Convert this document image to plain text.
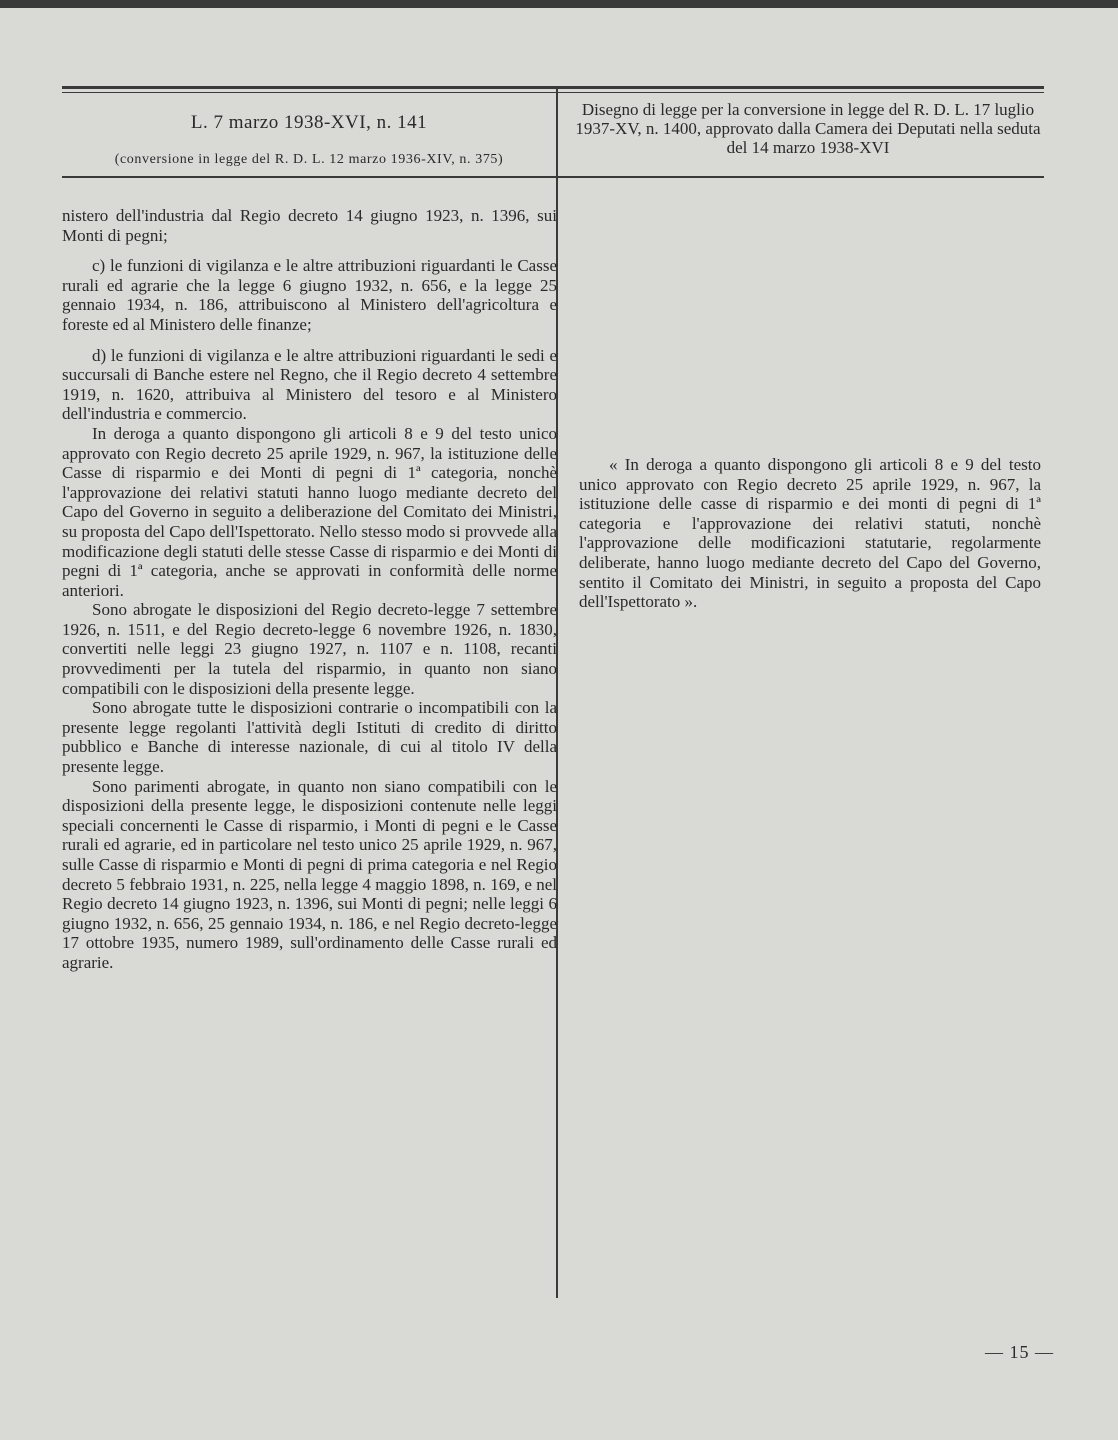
L. 7 marzo 1938-XVI, n. 141
(conversione in legge del R. D. L. 12 marzo 1936-XIV, n. 375)
Disegno di legge per la conversione in legge del R. D. L. 17 luglio 1937-XV, n. 1400, approvato dalla Camera dei Deputati nella seduta del 14 marzo 1938-XVI

nistero dell'industria dal Regio decreto 14 giugno 1923, n. 1396, sui Monti di pegni;

c) le funzioni di vigilanza e le altre attribuzioni riguardanti le Casse rurali ed agrarie che la legge 6 giugno 1932, n. 656, e la legge 25 gennaio 1934, n. 186, attribuiscono al Ministero dell'agricoltura e foreste ed al Ministero delle finanze;

d) le funzioni di vigilanza e le altre attribuzioni riguardanti le sedi e succursali di Banche estere nel Regno, che il Regio decreto 4 settembre 1919, n. 1620, attribuiva al Ministero del tesoro e al Ministero dell'industria e commercio.

In deroga a quanto dispongono gli articoli 8 e 9 del testo unico approvato con Regio decreto 25 aprile 1929, n. 967, la istituzione delle Casse di risparmio e dei Monti di pegni di 1ª categoria, nonchè l'approvazione dei relativi statuti hanno luogo mediante decreto del Capo del Governo in seguito a deliberazione del Comitato dei Ministri, su proposta del Capo dell'Ispettorato. Nello stesso modo si provvede alla modificazione degli statuti delle stesse Casse di risparmio e dei Monti di pegni di 1ª categoria, anche se approvati in conformità delle norme anteriori.

Sono abrogate le disposizioni del Regio decreto-legge 7 settembre 1926, n. 1511, e del Regio decreto-legge 6 novembre 1926, n. 1830, convertiti nelle leggi 23 giugno 1927, n. 1107 e n. 1108, recanti provvedimenti per la tutela del risparmio, in quanto non siano compatibili con le disposizioni della presente legge.

Sono abrogate tutte le disposizioni contrarie o incompatibili con la presente legge regolanti l'attività degli Istituti di credito di diritto pubblico e Banche di interesse nazionale, di cui al titolo IV della presente legge.

Sono parimenti abrogate, in quanto non siano compatibili con le disposizioni della presente legge, le disposizioni contenute nelle leggi speciali concernenti le Casse di risparmio, i Monti di pegni e le Casse rurali ed agrarie, ed in particolare nel testo unico 25 aprile 1929, n. 967, sulle Casse di risparmio e Monti di pegni di prima categoria e nel Regio decreto 5 febbraio 1931, n. 225, nella legge 4 maggio 1898, n. 169, e nel Regio decreto 14 giugno 1923, n. 1396, sui Monti di pegni; nelle leggi 6 giugno 1932, n. 656, 25 gennaio 1934, n. 186, e nel Regio decreto-legge 17 ottobre 1935, numero 1989, sull'ordinamento delle Casse rurali ed agrarie.

« In deroga a quanto dispongono gli articoli 8 e 9 del testo unico approvato con Regio decreto 25 aprile 1929, n. 967, la istituzione delle casse di risparmio e dei monti di pegni di 1ª categoria e l'approvazione dei relativi statuti, nonchè l'approvazione delle modificazioni statutarie, regolarmente deliberate, hanno luogo mediante decreto del Capo del Governo, sentito il Comitato dei Ministri, in seguito a proposta del Capo dell'Ispettorato ».

— 15 —
